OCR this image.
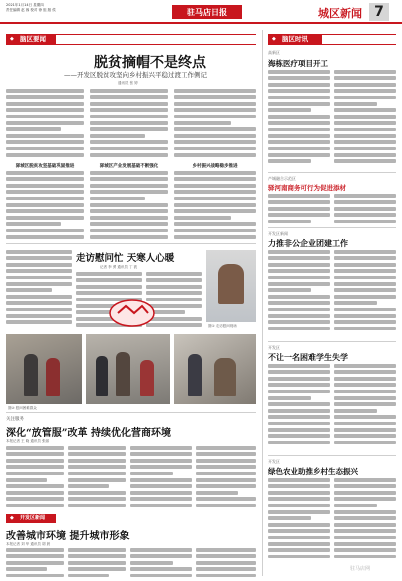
2021年1月14日 星期四
责任编辑 赵 蓉 校对 徐 组 版 侯	驻马店日报	城区新闻 7
◆ 脑区要闻
脱贫摘帽不是终点
——开发区脱贫攻坚向乡村振兴平稳过渡工作侧记
通讯员 张 婷
驿城区脱贫攻坚基础巩固推进	驿城区产业发展基础不断强化	乡村振兴战略稳步推进
走访慰问忙 天寒人心暖
记者 李 勇 通讯员 丁 波
图① 走访慰问现场
图② 慰问困难群众
关注服务
深化“放管服”改革 持续优化营商环境
本报记者 王 晓 通讯员 张丽
◆ 开发区新闻
改善城市环境 提升城市形象
本报记者 刘 华 通讯员 胡 晨
◆ 脑区时讯
高新区
海栋医疗项目开工
产城融合示范区
驿河南商务可行为促进添材
开发区新闻
力推非公企业团建工作
开发区
不让一名困难学生失学
开发区
绿色农业助推乡村生态振兴
驻马店网
